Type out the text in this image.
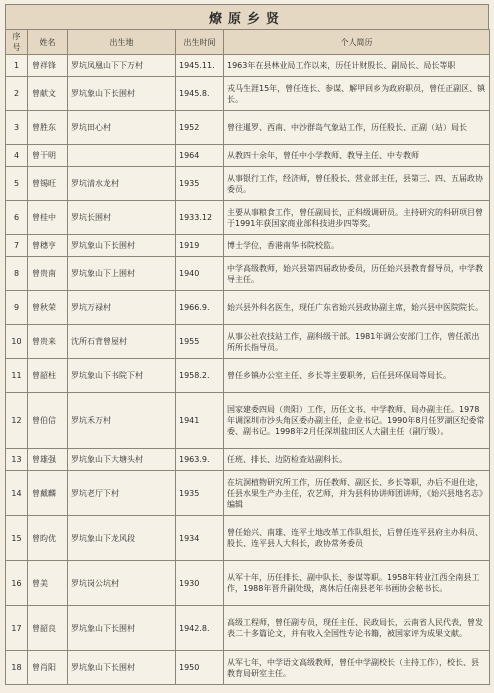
燎原乡贤
序号	姓名	出生地	出生时间	个人简历
1	曾祥锋	罗坑凤凰山下下万村	1945.11.	1963年在县林业局工作以来，历任计财股长、副局长、局长等职
2	曾献文	罗坑象山下长围村	1945.8.	戎马生涯15年，曾任连长、参谋、解甲回乡为政府职员，曾任正副区、镇长。
3	曾胜东	罗坑田心村	1952	曾往暹罗、西南、中沙群岛气象站工作，历任股长、正副（站）局长
4	曾干明		1964	从教四十余年，曾任中小学教师、教导主任、中专教师
5	曾锡旺	罗坑清水龙村	1935	从事银行工作，经济师，曾任股长、营业部主任，县第三、四、五届政协委员。
6	曾桂中	罗坑长围村	1933.12	主要从事粮食工作，曾任副局长，正科级调研员。主持研究的科研项目曾于1991年获国家商业部科技进步四等奖。
7	曾穗亨	罗坑象山下长围村	1919	博士学位，香港南华书院校监。
8	曾贵南	罗坑象山下上围村	1940	中学高级教师，始兴县第四届政协委员，历任始兴县教育督导员，中学教导主任。
9	曾秋荣	罗坑万禄村	1966.9.	始兴县外科名医生，现任广东省始兴县政协副主席，始兴县中医院院长。
10	曾贵来	沈所石背曾屋村	1955	从事公社农技站工作，副科级干部。1981年调公安部门工作，曾任派出所所长指导员。
11	曾韶柱	罗坑象山下书院下村	1958.2.	曾任乡镇办公室主任、乡长等主要职务，后任县环保局等局长。
12	曾伯信	罗坑禾万村	1941	国家建委四局（贵阳）工作，历任文书、中学教师、局办副主任。1978年调深圳市沙头角区委办副主任，企业书记。1990年8月任罗湖区纪委常委、副书记。1998年2月任深圳盐田区人大副主任（副厅级）。
13	曾雄强	罗坑象山下大塘头村	1963.9.	任班、排长、边防检查站副科长。
14	曾戴麟	罗坑老厅下村	1935	在坑洞植物研究所工作，历任教师、副区长、乡长等职，办后不退仕途，任县水果生产办主任，农艺师，并为县科协讲师团讲师，《始兴县地名志》编辑
15	曾昀优	罗坑象山下龙风段	1934	曾任始兴、南雄、连平土地改革工作队组长，后曾任连平县府主办科员、股长、连平县人大科长，政协常务委员
16	曾美	罗坑岗公坑村	1930	从军十年，历任排长、副中队长、参谋等职。1958年转业江西全南县工作，1988年晋升副处级，离休后任南县老年书画协会秘书长。
17	曾韶良	罗坑象山下长围村	1942.8.	高级工程师，曾任副专员，现任主任、民政局长，云南省人民代表，曾发表二十多篇论文，并有收入全国性专论书籍，被国家评为成果文献。
18	曾肖阳	罗坑象山下长围村	1950	从军七年，中学语文高级教师，曾任中学副校长（主持工作），校长、县教育局研室主任。
